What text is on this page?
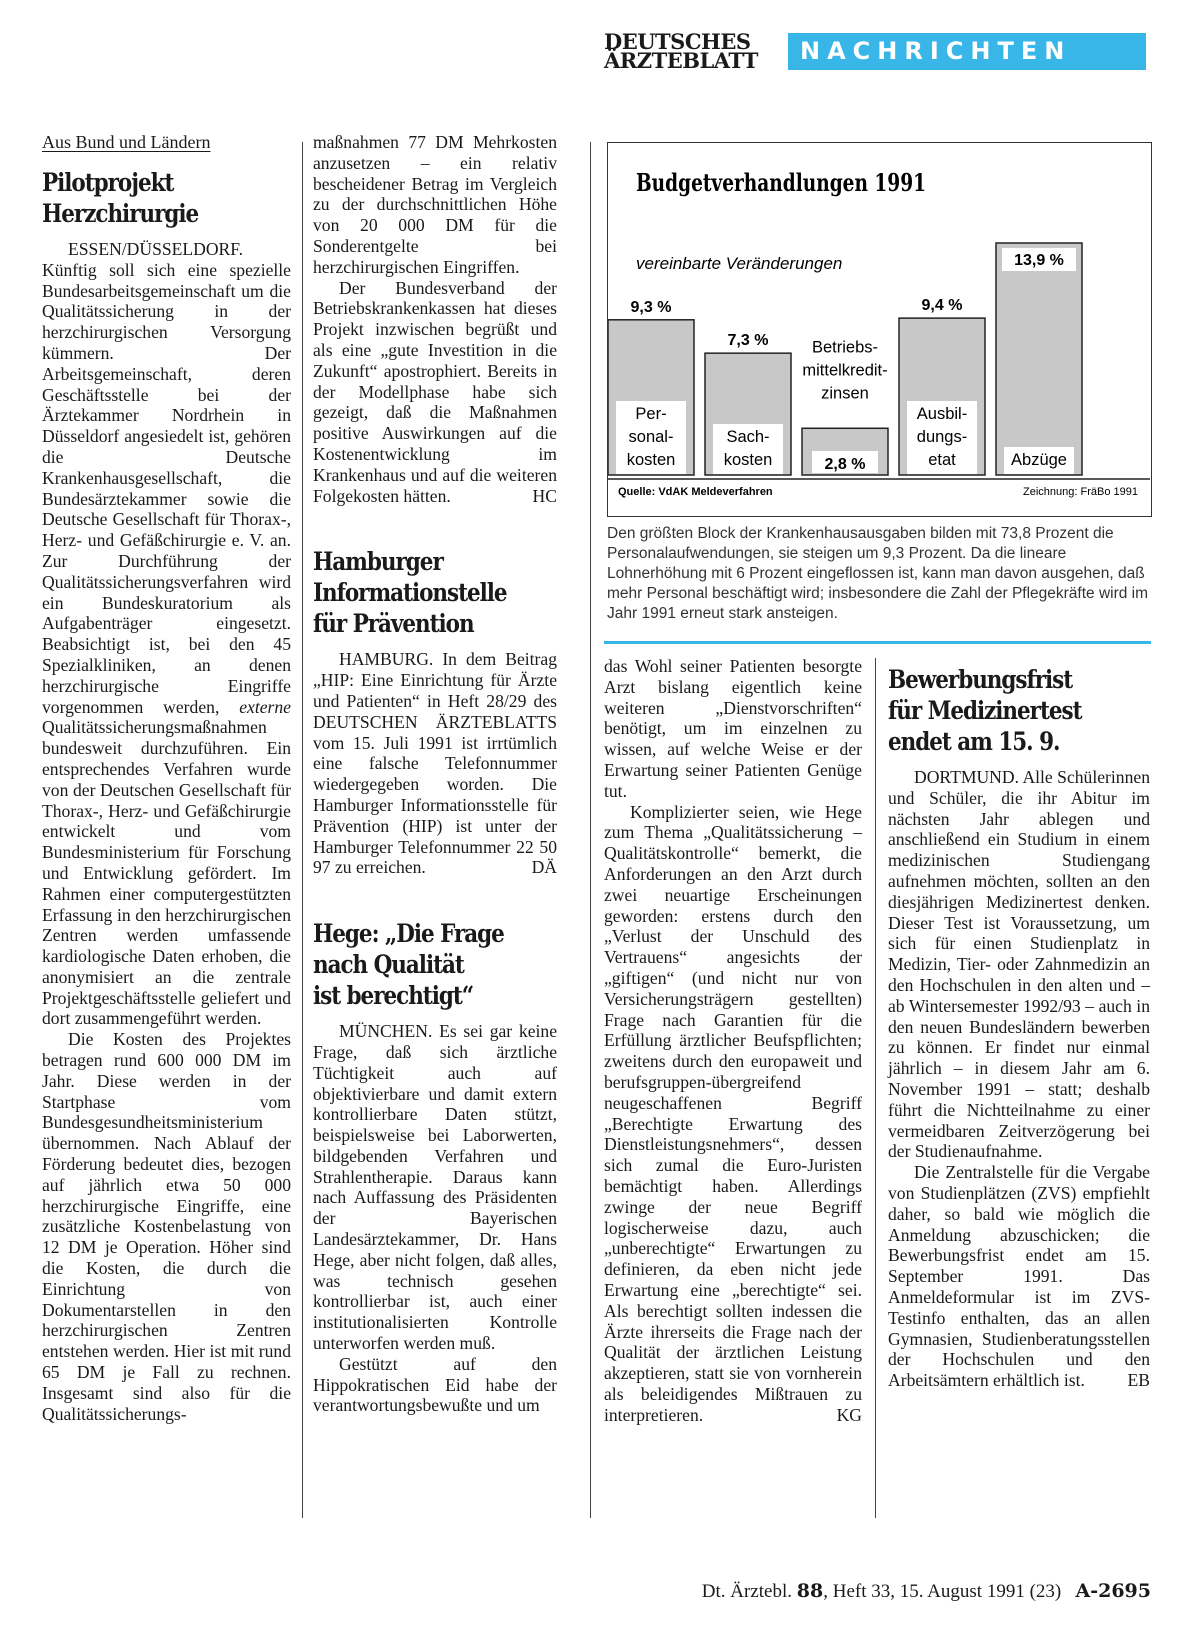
DEUTSCHES
ÄRZTEBLATT	NACHRICHTEN
Aus Bund und Ländern
Pilotprojekt
Herzchirurgie

ESSEN/DÜSSELDORF. Künftig soll sich eine spezielle Bundesarbeitsgemeinschaft um die Qualitätssicherung in der herzchirurgischen Versorgung kümmern. Der Arbeitsgemeinschaft, deren Geschäftsstelle bei der Ärztekammer Nordrhein in Düsseldorf angesiedelt ist, gehören die Deutsche Krankenhausgesellschaft, die Bundesärztekammer sowie die Deutsche Gesellschaft für Thorax-, Herz- und Gefäßchirurgie e. V. an. Zur Durchführung der Qualitätssicherungsverfahren wird ein Bundeskuratorium als Aufgabenträger eingesetzt. Beabsichtigt ist, bei den 45 Spezialkliniken, an denen herzchirurgische Eingriffe vorgenommen werden, externe Qualitätssicherungsmaßnahmen bundesweit durchzuführen. Ein entsprechendes Verfahren wurde von der Deutschen Gesellschaft für Thorax-, Herz- und Gefäßchirurgie entwickelt und vom Bundesministerium für Forschung und Entwicklung gefördert. Im Rahmen einer computergestützten Erfassung in den herzchirurgischen Zentren werden umfassende kardiologische Daten erhoben, die anonymisiert an die zentrale Projektgeschäftsstelle geliefert und dort zusammengeführt werden.

Die Kosten des Projektes betragen rund 600 000 DM im Jahr. Diese werden in der Startphase vom Bundesgesundheitsministerium übernommen. Nach Ablauf der Förderung bedeutet dies, bezogen auf jährlich etwa 50 000 herzchirurgische Eingriffe, eine zusätzliche Kostenbelastung von 12 DM je Operation. Höher sind die Kosten, die durch die Einrichtung von Dokumentarstellen in den herzchirurgischen Zentren entstehen werden. Hier ist mit rund 65 DM je Fall zu rechnen. Insgesamt sind also für die Qualitätssicherungs-

maßnahmen 77 DM Mehrkosten anzusetzen – ein relativ bescheidener Betrag im Vergleich zu der durchschnittlichen Höhe von 20 000 DM für die Sonderentgelte bei herzchirurgischen Eingriffen.

Der Bundesverband der Betriebskrankenkassen hat dieses Projekt inzwischen begrüßt und als eine „gute Investition in die Zukunft“ apostrophiert. Bereits in der Modellphase habe sich gezeigt, daß die Maßnahmen positive Auswirkungen auf die Kostenentwicklung im Krankenhaus und auf die weiteren Folgekosten hätten.	HC

Hamburger
Informationstelle
für Prävention

HAMBURG. In dem Beitrag „HIP: Eine Einrichtung für Ärzte und Patienten“ in Heft 28/29 des DEUTSCHEN ÄRZTEBLATTS vom 15. Juli 1991 ist irrtümlich eine falsche Telefonnummer wiedergegeben worden. Die Hamburger Informationsstelle für Prävention (HIP) ist unter der Hamburger Telefonnummer 22 50 97 zu erreichen.	DÄ

Hege: „Die Frage
nach Qualität
ist berechtigt“

MÜNCHEN. Es sei gar keine Frage, daß sich ärztliche Tüchtigkeit auch auf objektivierbare und damit extern kontrollierbare Daten stützt, beispielsweise bei Laborwerten, bildgebenden Verfahren und Strahlentherapie. Daraus kann nach Auffassung des Präsidenten der Bayerischen Landesärztekammer, Dr. Hans Hege, aber nicht folgen, daß alles, was technisch gesehen kontrollierbar ist, auch einer institutionalisierten Kontrolle unterworfen werden muß.

Gestützt auf den Hippokratischen Eid habe der verantwortungsbewußte und um

Budgetverhandlungen 1991
vereinbarte Veränderungen
9,3 %
Per-
sonal-
kosten
7,3 %
Sach-
kosten	2,8 %
Betriebs-
mittelkredit-
zinsen
9,4 %
Ausbil-
dungs-
etat
13,9 %
Abzüge
Quelle: VdAK Meldeverfahren	Zeichnung: FräBo 1991
Den größten Block der Krankenhausausgaben bilden mit 73,8 Prozent die Personalaufwendungen, sie steigen um 9,3 Prozent. Da die lineare Lohnerhöhung mit 6 Prozent eingeflossen ist, kann man davon ausgehen, daß mehr Personal beschäftigt wird; insbesondere die Zahl der Pflegekräfte wird im Jahr 1991 erneut stark ansteigen.

das Wohl seiner Patienten besorgte Arzt bislang eigentlich keine weiteren „Dienstvorschriften“ benötigt, um im einzelnen zu wissen, auf welche Weise er der Erwartung seiner Patienten Genüge tut.

Komplizierter seien, wie Hege zum Thema „Qualitätssicherung – Qualitätskontrolle“ bemerkt, die Anforderungen an den Arzt durch zwei neuartige Erscheinungen geworden: erstens durch den „Verlust der Unschuld des Vertrauens“ angesichts der „giftigen“ (und nicht nur von Versicherungsträgern gestellten) Frage nach Garantien für die Erfüllung ärztlicher Beufspflichten; zweitens durch den europaweit und berufsgruppen-übergreifend neugeschaffenen Begriff „Berechtigte Erwartung des Dienstleistungsnehmers“, dessen sich zumal die Euro-Juristen bemächtigt haben. Allerdings zwinge der neue Begriff logischerweise dazu, auch „unberechtigte“ Erwartungen zu definieren, da eben nicht jede Erwartung eine „berechtigte“ sei. Als berechtigt sollten indessen die Ärzte ihrerseits die Frage nach der Qualität der ärztlichen Leistung akzeptieren, statt sie von vornherein als beleidigendes Mißtrauen zu interpretieren.	KG

Bewerbungsfrist
für Medizinertest
endet am 15. 9.

DORTMUND. Alle Schülerinnen und Schüler, die ihr Abitur im nächsten Jahr ablegen und anschließend ein Studium in einem medizinischen Studiengang aufnehmen möchten, sollten an den diesjährigen Medizinertest denken. Dieser Test ist Voraussetzung, um sich für einen Studienplatz in Medizin, Tier- oder Zahnmedizin an den Hochschulen in den alten und – ab Wintersemester 1992/93 – auch in den neuen Bundesländern bewerben zu können. Er findet nur einmal jährlich – in diesem Jahr am 6. November 1991 – statt; deshalb führt die Nichtteilnahme zu einer vermeidbaren Zeitverzögerung bei der Studienaufnahme.

Die Zentralstelle für die Vergabe von Studienplätzen (ZVS) empfiehlt daher, so bald wie möglich die Anmeldung abzuschicken; die Bewerbungsfrist endet am 15. September 1991. Das Anmeldeformular ist im ZVS-Testinfo enthalten, das an allen Gymnasien, Studienberatungsstellen der Hochschulen und den Arbeitsämtern erhältlich ist. EB

Dt. Ärztebl. 88, Heft 33, 15. August 1991 (23) A-2695
